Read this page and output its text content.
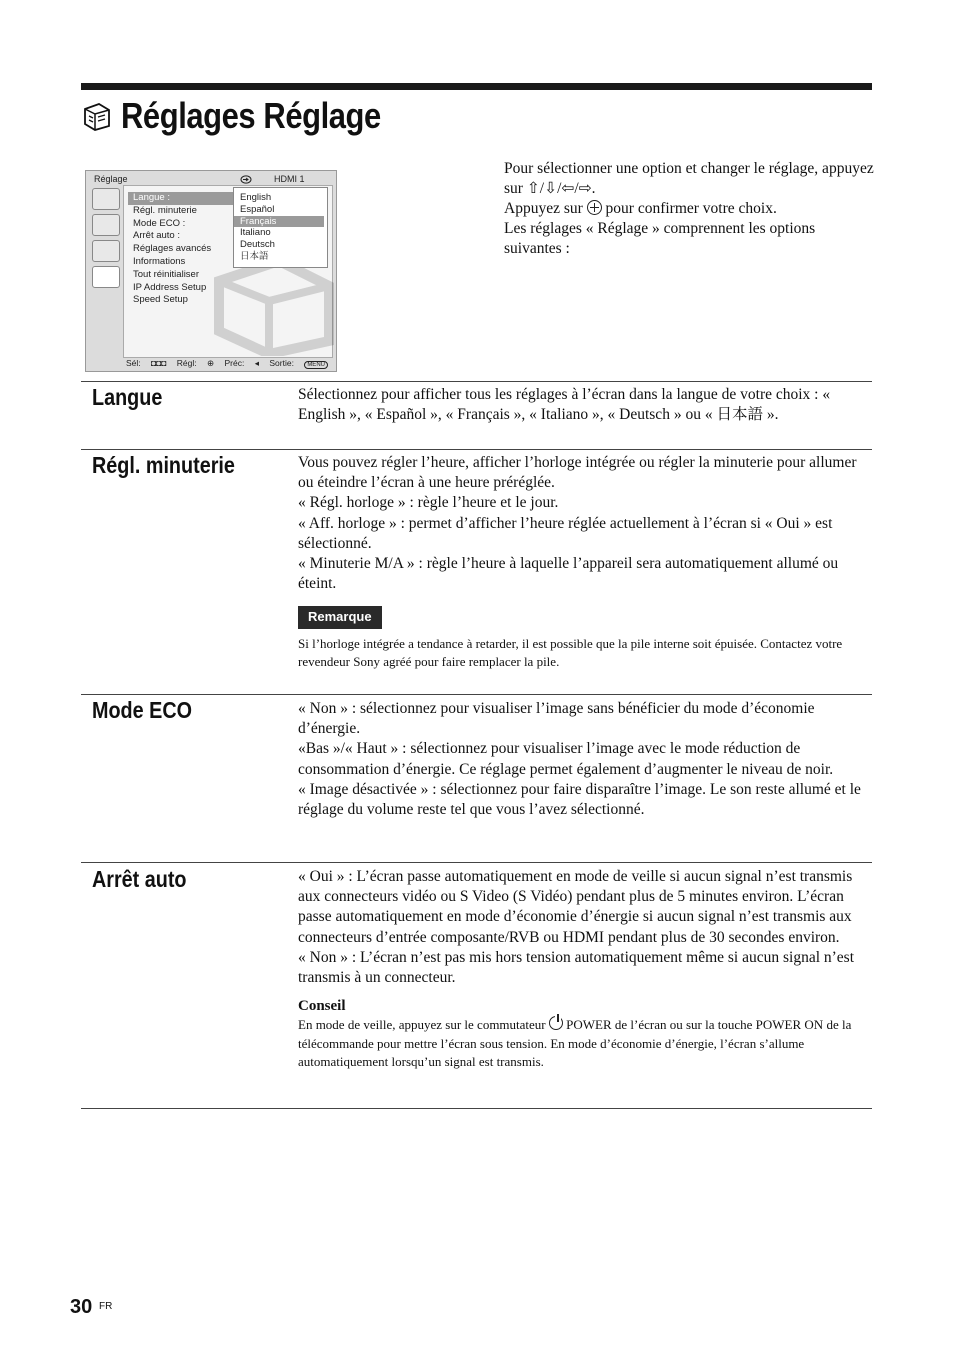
Réglages Réglage
Réglage	HDMI 1
Langue :
Régl. minuterie
Mode ECO :
Arrêt auto :
Réglages avancés
Informations
Tout réinitialiser
IP Address Setup
Speed Setup
English
Español
Français
Italiano
Deutsch
日本語
Sél: ◘◘◘ Régl: ⊕ Préc: ◂ Sortie: MENU

Pour sélectionner une option et changer le réglage, appuyez sur ⇧/⇩/⇦/⇨.

Appuyez sur pour confirmer votre choix.

Les réglages « Réglage » comprennent les options suivantes :

Langue	Sélectionnez pour afficher tous les réglages à l’écran dans la langue de votre choix : « English », « Español », « Français », « Italiano », « Deutsch » ou « 日本語 ».

Régl. minuterie	Vous pouvez régler l’heure, afficher l’horloge intégrée ou régler la minuterie pour allumer ou éteindre l’écran à une heure préréglée.

« Régl. horloge » : règle l’heure et le jour.

« Aff. horloge » : permet d’afficher l’heure réglée actuellement à l’écran si « Oui » est sélectionné.

« Minuterie M/A » : règle l’heure à laquelle l’appareil sera automatiquement allumé ou éteint.

Remarque

Si l’horloge intégrée a tendance à retarder, il est possible que la pile interne soit épuisée. Contactez votre revendeur Sony agréé pour faire remplacer la pile.

Mode ECO	« Non » : sélectionnez pour visualiser l’image sans bénéficier du mode d’économie d’énergie.

«Bas »/« Haut » : sélectionnez pour visualiser l’image avec le mode réduction de consommation d’énergie. Ce réglage permet également d’augmenter le niveau de noir.

« Image désactivée » : sélectionnez pour faire disparaître l’image. Le son reste allumé et le réglage du volume reste tel que vous l’avez sélectionné.

Arrêt auto	« Oui » : L’écran passe automatiquement en mode de veille si aucun signal n’est transmis aux connecteurs vidéo ou S Video (S Vidéo) pendant plus de 5 minutes environ. L’écran passe automatiquement en mode d’économie d’énergie si aucun signal n’est transmis aux connecteurs d’entrée composante/RVB ou HDMI pendant plus de 30 secondes environ.

« Non » : L’écran n’est pas mis hors tension automatiquement même si aucun signal n’est transmis à un connecteur.

Conseil

En mode de veille, appuyez sur le commutateur POWER de l’écran ou sur la touche POWER ON de la télécommande pour mettre l’écran sous tension. En mode d’économie d’énergie, l’écran s’allume automatiquement lorsqu’un signal est transmis.

30 FR
